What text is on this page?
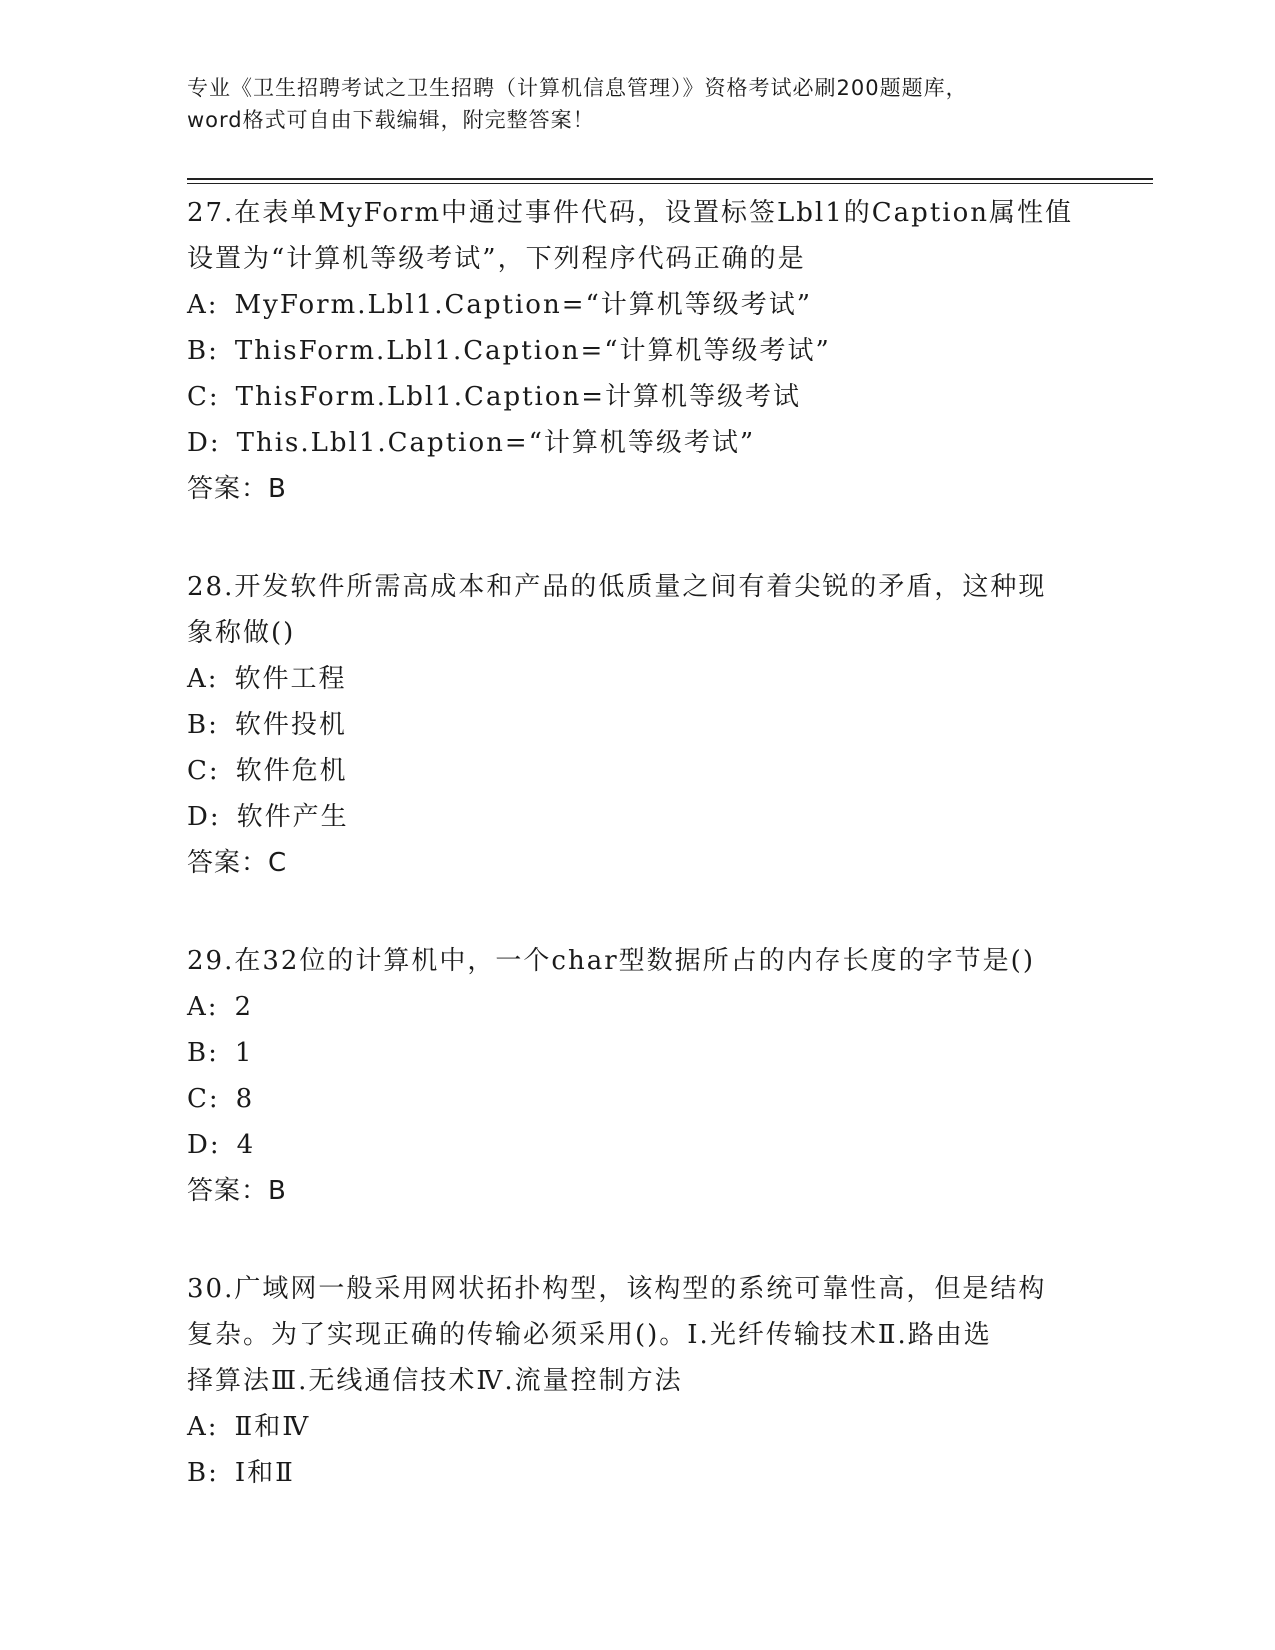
专业《卫生招聘考试之卫生招聘（计算机信息管理）》资格考试必刷200题题库，
word格式可自由下载编辑，附完整答案！
27.在表单MyForm中通过事件代码，设置标签Lbl1的Caption属性值
设置为“计算机等级考试”，下列程序代码正确的是
A: MyForm.Lbl1.Caption=“计算机等级考试”
B: ThisForm.Lbl1.Caption=“计算机等级考试”
C: ThisForm.Lbl1.Caption=计算机等级考试
D: This.Lbl1.Caption=“计算机等级考试”
答案：B
28.开发软件所需高成本和产品的低质量之间有着尖锐的矛盾，这种现
象称做()
A: 软件工程
B: 软件投机
C: 软件危机
D: 软件产生
答案：C
29.在32位的计算机中，一个char型数据所占的内存长度的字节是()
A: 2
B: 1
C: 8
D: 4
答案：B
30.广域网一般采用网状拓扑构型，该构型的系统可靠性高，但是结构
复杂。为了实现正确的传输必须采用()。Ⅰ.光纤传输技术Ⅱ.路由选
择算法Ⅲ.无线通信技术Ⅳ.流量控制方法
A: Ⅱ和Ⅳ
B: Ⅰ和Ⅱ
